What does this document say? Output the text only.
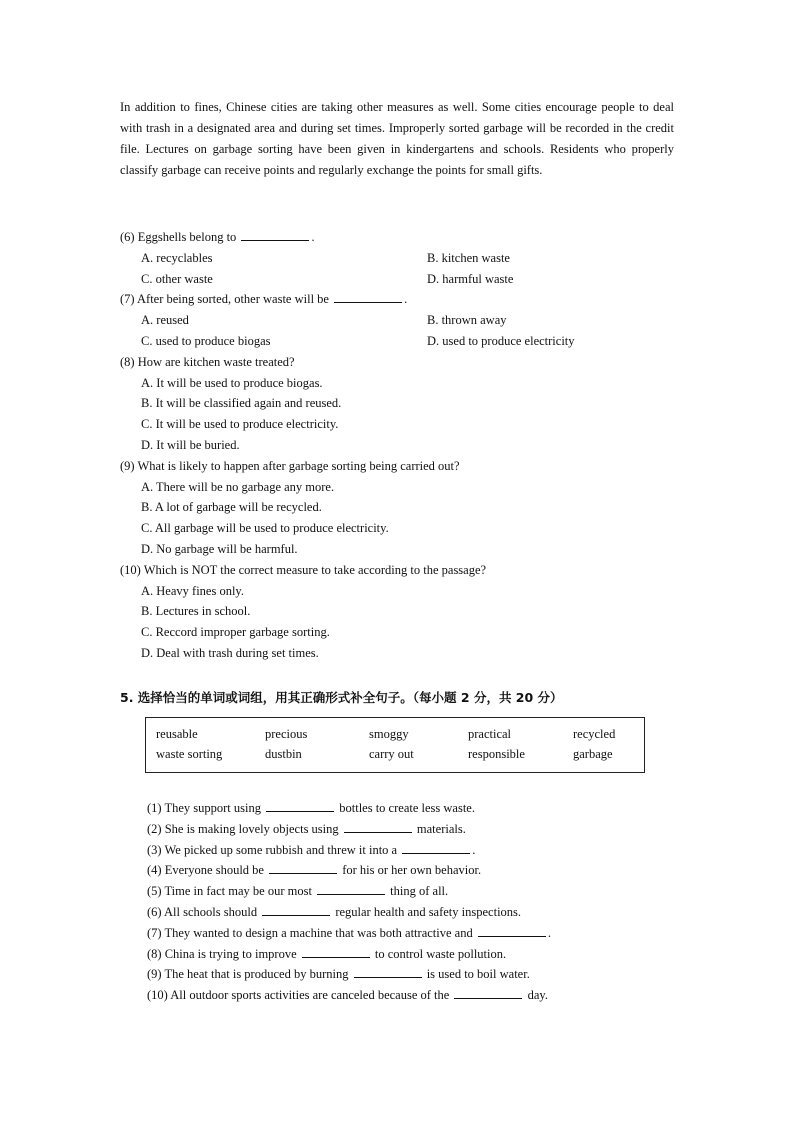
In addition to fines, Chinese cities are taking other measures as well. Some cities encourage people to deal with trash in a designated area and during set times. Improperly sorted garbage will be recorded in the credit file. Lectures on garbage sorting have been given in kindergartens and schools. Residents who properly classify garbage can receive points and regularly exchange the points for small gifts.
(6) Eggshells belong to	.
A. recyclables	B. kitchen waste
C. other waste	D. harmful waste
(7) After being sorted, other waste will be	.
A. reused	B. thrown away
C. used to produce biogas	D. used to produce electricity
(8) How are kitchen waste treated?
A. It will be used to produce biogas.
B. It will be classified again and reused.
C. It will be used to produce electricity.
D. It will be buried.
(9) What is likely to happen after garbage sorting being carried out?
A. There will be no garbage any more.
B. A lot of garbage will be recycled.
C. All garbage will be used to produce electricity.
D. No garbage will be harmful.
(10) Which is NOT the correct measure to take according to the passage?
A. Heavy fines only.
B. Lectures in school.
C. Reccord improper garbage sorting.
D. Deal with trash during set times.
5. 选择恰当的单词或词组，用其正确形式补全句子。（每小题 2 分，共 20 分）
reusable	precious	smoggy	practical	recycled
waste sorting	dustbin	carry out	responsible	garbage
(1) They support using	bottles to create less waste.
(2) She is making lovely objects using	materials.
(3) We picked up some rubbish and threw it into a	.
(4) Everyone should be	for his or her own behavior.
(5) Time in fact may be our most	thing of all.
(6) All schools should	regular health and safety inspections.
(7) They wanted to design a machine that was both attractive and	.
(8) China is trying to improve	to control waste pollution.
(9) The heat that is produced by burning	is used to boil water.
(10) All outdoor sports activities are canceled because of the	day.
